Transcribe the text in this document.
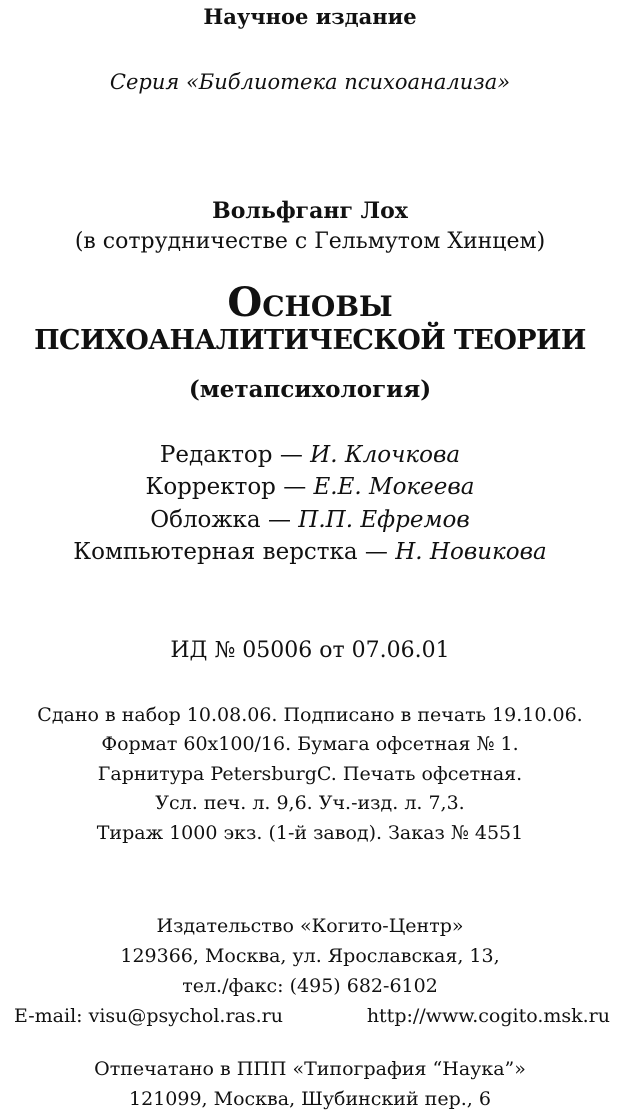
Научное издание
Серия «Библиотека психоанализа»
Вольфганг Лох
(в сотрудничестве с Гельмутом Хинцем)
Основы
ПСИХОАНАЛИТИЧЕСКОЙ ТЕОРИИ
(метапсихология)
Редактор — И. Клочкова
Корректор — Е.Е. Мокеева
Обложка — П.П. Ефремов
Компьютерная верстка — Н. Новикова
ИД № 05006 от 07.06.01
Сдано в набор 10.08.06. Подписано в печать 19.10.06.
Формат 60x100/16. Бумага офсетная № 1.
Гарнитура PetersburgC. Печать офсетная.
Усл. печ. л. 9,6. Уч.-изд. л. 7,3.
Тираж 1000 экз. (1-й завод). Заказ № 4551
Издательство «Когито-Центр»
129366, Москва, ул. Ярославская, 13,
тел./факс: (495) 682-6102
E-mail: visu@psychol.ras.ru	http://www.cogito.msk.ru
Отпечатано в ППП «Типография “Наука”»
121099, Москва, Шубинский пер., 6
